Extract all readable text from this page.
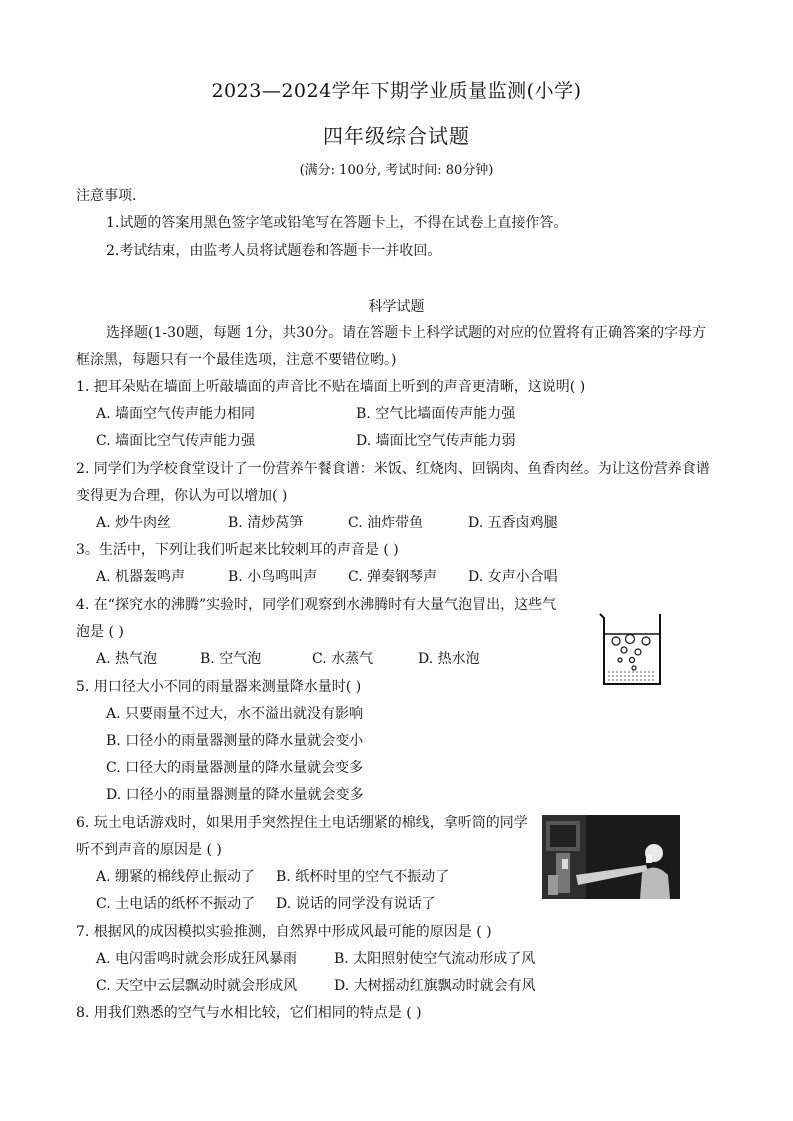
2023—2024学年下期学业质量监测(小学)
四年级综合试题
(满分: 100分, 考试时间: 80分钟)
注意事项.
1.试题的答案用黑色签字笔或铅笔写在答题卡上，不得在试卷上直接作答。
2.考试结束，由监考人员将试题卷和答题卡一并收回。
科学试题
选择题(1-30题，每题 1分，共30分。请在答题卡上科学试题的对应的位置将有正确答案的字母方
框涂黑，每题只有一个最佳选项，注意不要错位哟。)
1. 把耳朵贴在墙面上听敲墙面的声音比不贴在墙面上听到的声音更清晰，这说明( )
A. 墙面空气传声能力相同	B. 空气比墙面传声能力强
C. 墙面比空气传声能力强	D. 墙面比空气传声能力弱
2. 同学们为学校食堂设计了一份营养午餐食谱：米饭、红烧肉、回锅肉、鱼香肉丝。为让这份营养食谱
变得更为合理，你认为可以增加( )
A. 炒牛肉丝	B. 清炒莴笋	C. 油炸带鱼	D. 五香卤鸡腿
3。生活中，下列让我们听起来比较刺耳的声音是 ( )
A. 机器轰鸣声	B. 小鸟鸣叫声 C. 弹奏钢琴声 D. 女声小合唱
4. 在“探究水的沸腾”实验时，同学们观察到水沸腾时有大量气泡冒出，这些气
泡是 ( )
A. 热气泡	B. 空气泡	C. 水蒸气	D. 热水泡
5. 用口径大小不同的雨量器来测量降水量时( )
A. 只要雨量不过大，水不溢出就没有影响
B. 口径小的雨量器测量的降水量就会变小
C. 口径大的雨量器测量的降水量就会变多
D. 口径小的雨量器测量的降水量就会变多
6. 玩土电话游戏时，如果用手突然捏住土电话绷紧的棉线，拿听筒的同学
听不到声音的原因是 ( )
A. 绷紧的棉线停止振动了 B. 纸杯时里的空气不振动了
C. 土电话的纸杯不振动了 D. 说话的同学没有说话了
7. 根据风的成因模拟实验推测，自然界中形成风最可能的原因是 ( )
A. 电闪雷鸣时就会形成狂风暴雨	B. 太阳照射使空气流动形成了风
C. 天空中云层飘动时就会形成风	D. 大树摇动红旗飘动时就会有风
8. 用我们熟悉的空气与水相比较，它们相同的特点是 ( )
